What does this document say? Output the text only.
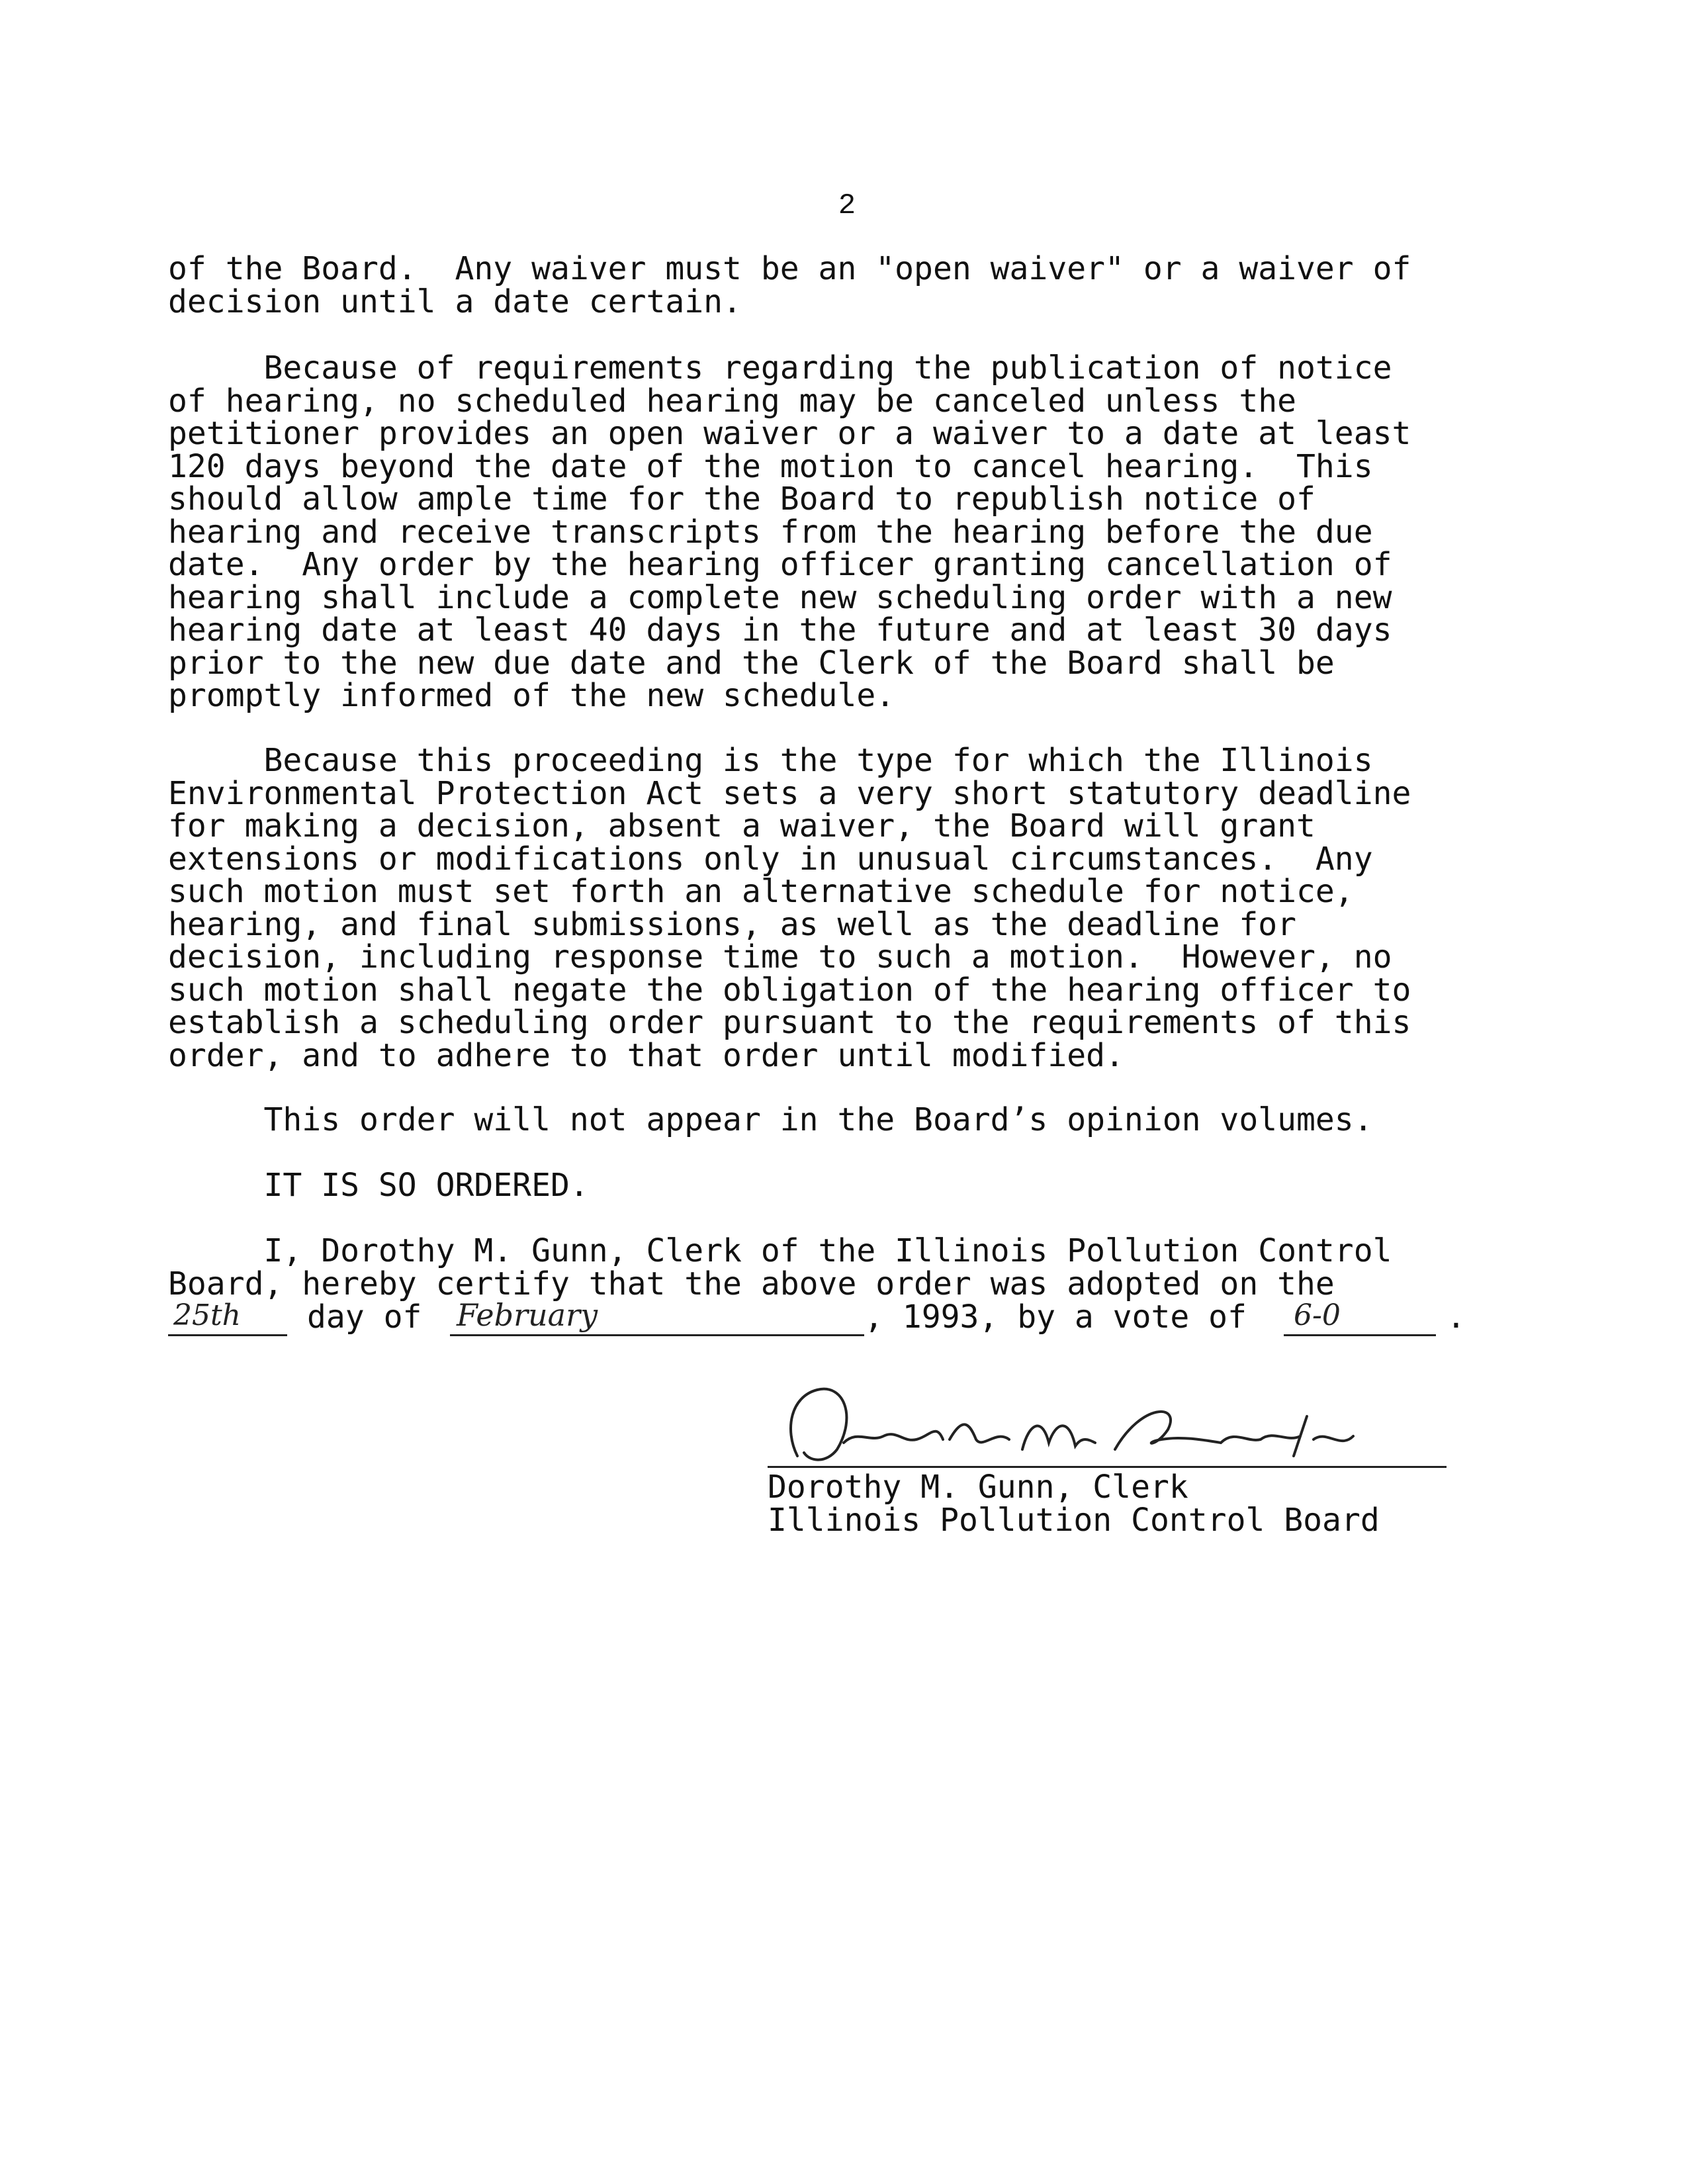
2
of the Board.  Any waiver must be an "open waiver" or a waiver of
decision until a date certain.
Because of requirements regarding the publication of notice
of hearing, no scheduled hearing may be canceled unless the
petitioner provides an open waiver or a waiver to a date at least
120 days beyond the date of the motion to cancel hearing.  This
should allow ample time for the Board to republish notice of
hearing and receive transcripts from the hearing before the due
date.  Any order by the hearing officer granting cancellation of
hearing shall include a complete new scheduling order with a new
hearing date at least 40 days in the future and at least 30 days
prior to the new due date and the Clerk of the Board shall be
promptly informed of the new schedule.
Because this proceeding is the type for which the Illinois
Environmental Protection Act sets a very short statutory deadline
for making a decision, absent a waiver, the Board will grant
extensions or modifications only in unusual circumstances.  Any
such motion must set forth an alternative schedule for notice,
hearing, and final submissions, as well as the deadline for
decision, including response time to such a motion.  However, no
such motion shall negate the obligation of the hearing officer to
establish a scheduling order pursuant to the requirements of this
order, and to adhere to that order until modified.
This order will not appear in the Board’s opinion volumes.
IT IS SO ORDERED.
I, Dorothy M. Gunn, Clerk of the Illinois Pollution Control
Board, hereby certify that the above order was adopted on the
25th day of	February	, 1993, by a vote of	6-0	.
Dorothy M. Gunn
Dorothy M. Gunn, Clerk
Illinois Pollution Control Board
